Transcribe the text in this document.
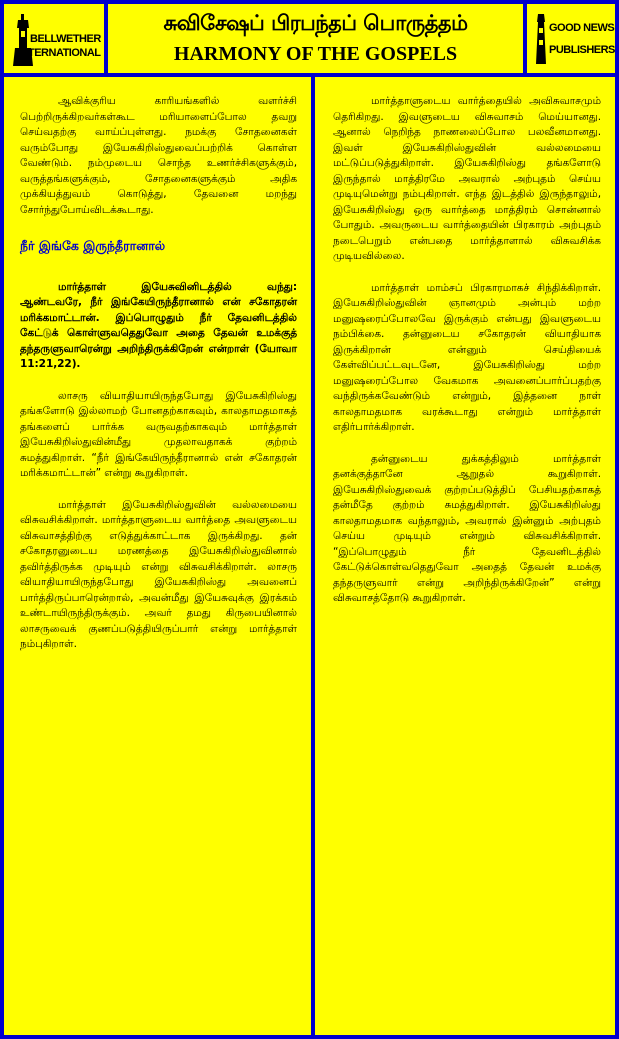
BELLWETHER
INTERNATIONAL
சுவிசேஷப் பிரபந்தப் பொருத்தம்
HARMONY OF THE GOSPELS
GOOD NEWS
PUBLISHERS

ஆவிக்குரிய காரியங்களில் வளர்ச்சி பெற்றிருக்கிறவர்கள்கூட மரியாளைப்போல தவறு செய்வதற்கு வாய்ப்புள்ளது. நமக்கு சோதனைகள் வரும்போது இயேசுகிறிஸ்துவைப்பற்றிக் கொள்ள வேண்டும். நம்முடைய சொந்த உணர்ச்சிகளுக்கும், வருத்தங்களுக்கும், சோதனைகளுக்கும் அதிக முக்கியத்துவம் கொடுத்து, தேவனை மறந்து சோர்ந்துபோய்விடக்கூடாது.

நீர் இங்கே இருந்தீரானால்

மார்த்தாள் இயேசுவினிடத்தில் வந்து: ஆண்டவரே, நீர் இங்கேயிருந்தீரானால் என் சகோதரன் மரிக்கமாட்டான். இப்பொழுதும் நீர் தேவனிடத்தில் கேட்டுக் கொள்ளுவதெதுவோ அதை தேவன் உமக்குத் தந்தருளுவாரென்று அறிந்திருக்கிறேன் என்றாள் (யோவா 11:21,22).

லாசரு வியாதியாயிருந்தபோது இயேசுகிறிஸ்து தங்களோடு இல்லாமற் போனதற்காகவும், காலதாமதமாகத் தங்களைப் பார்க்க வருவதற்காகவும் மார்த்தாள் இயேசுகிறிஸ்துவின்மீது முதலாவதாகக் குற்றம் சுமத்துகிறாள். “நீர் இங்கேயிருந்தீரானால் என் சகோதரன் மரிக்கமாட்டான்” என்று கூறுகிறாள்.

மார்த்தாள் இயேசுகிறிஸ்துவின் வல்லமையை விசுவசிக்கிறாள். மார்த்தாளுடைய வார்த்தை அவளுடைய விசுவாசத்திற்கு எடுத்துக்காட்டாக இருக்கிறது. தன் சகோதரனுடைய மரணத்தை இயேசுகிறிஸ்துவினால் தவிர்த்திருக்க முடியும் என்று விசுவசிக்கிறாள். லாசரு வியாதியாயிருந்தபோது இயேசுகிறிஸ்து அவனைப் பார்த்திருப்பாரென்றால், அவன்மீது இயேசுவுக்கு இரக்கம் உண்டாயிருந்திருக்கும். அவர் தமது கிருபையினால் லாசருவைக் குணப்படுத்தியிருப்பார் என்று மார்த்தாள் நம்புகிறாள்.

மார்த்தாளுடைய வார்த்தையில் அவிசுவாசமும் தெரிகிறது. இவளுடைய விசுவாசம் மெய்யானது. ஆனால் நெறிந்த நாணலைப்போல பலவீனமானது. இவள் இயேசுகிறிஸ்துவின் வல்லமையை மட்டுப்படுத்துகிறாள். இயேசுகிறிஸ்து தங்களோடு இருந்தால் மாத்திரமே அவரால் அற்புதம் செய்ய முடியுமென்று நம்புகிறாள். எந்த இடத்தில் இருந்தாலும், இயேசுகிறிஸ்து ஒரு வார்த்தை மாத்திரம் சொன்னால் போதும். அவருடைய வார்த்தையின் பிரகாரம் அற்புதம் நடைபெறும் என்பதை மார்த்தாளால் விசுவசிக்க முடியவில்லை.

மார்த்தாள் மாம்சப் பிரகாரமாகச் சிந்திக்கிறாள். இயேசுகிறிஸ்துவின் ஞானமும் அன்பும் மற்ற மனுஷரைப்போலவே இருக்கும் என்பது இவளுடைய நம்பிக்கை. தன்னுடைய சகோதரன் வியாதியாக இருக்கிறான் என்னும் செய்தியைக் கேள்விப்பட்டவுடனே, இயேசுகிறிஸ்து மற்ற மனுஷரைப்போல வேகமாக அவனைப்பார்ப்பதற்கு வந்திருக்கவேண்டும் என்றும், இத்தனை நாள் காலதாமதமாக வரக்கூடாது என்றும் மார்த்தாள் எதிர்பார்க்கிறாள்.

தன்னுடைய துக்கத்திலும் மார்த்தாள் தனக்குத்தானே ஆறுதல் கூறுகிறாள். இயேசுகிறிஸ்துவைக் குற்றப்படுத்திப் பேசியதற்காகத் தன்மீதே குற்றம் சுமத்துகிறாள். இயேசுகிறிஸ்து காலதாமதமாக வந்தாலும், அவரால் இன்னும் அற்புதம் செய்ய முடியும் என்றும் விசுவசிக்கிறாள். “இப்பொழுதும் நீர் தேவனிடத்தில் கேட்டுக்கொள்வதெதுவோ அதைத் தேவன் உமக்கு தந்தருளுவார் என்று அறிந்திருக்கிறேன்” என்று விசுவாசத்தோடு கூறுகிறாள்.
